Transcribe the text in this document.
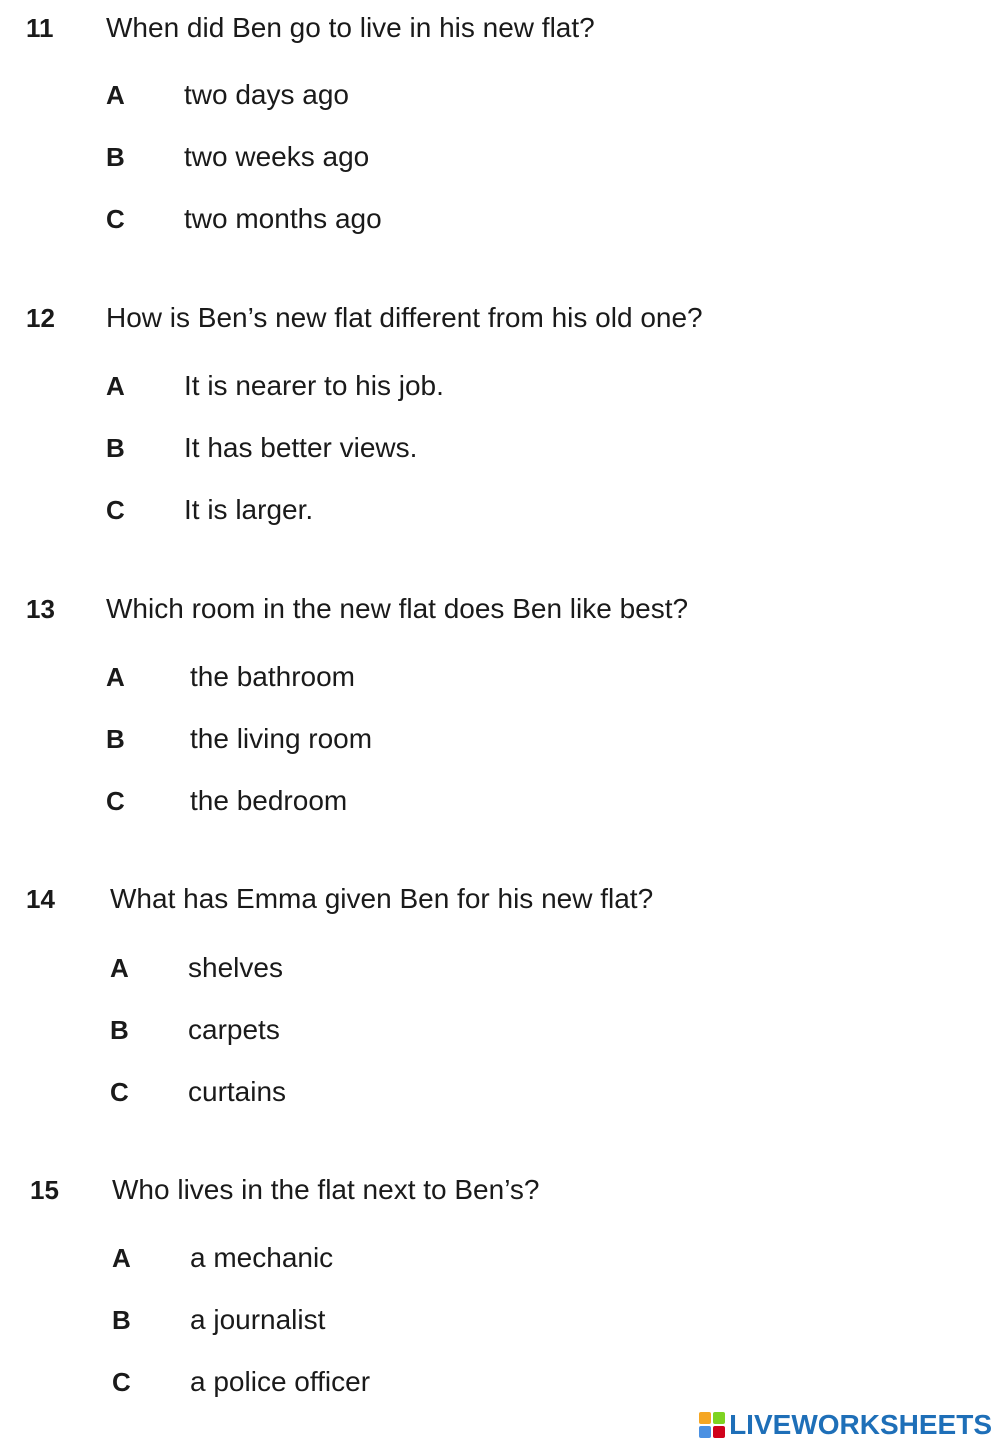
11 When did Ben go to live in his new flat?
A two days ago
B two weeks ago
C two months ago
12 How is Ben’s new flat different from his old one?
A It is nearer to his job.
B It has better views.
C It is larger.
13 Which room in the new flat does Ben like best?
A the bathroom
B the living room
C the bedroom
14 What has Emma given Ben for his new flat?
A shelves
B carpets
C curtains
15 Who lives in the flat next to Ben’s?
A a mechanic
B a journalist
C a police officer
LIVEWORKSHEETS
